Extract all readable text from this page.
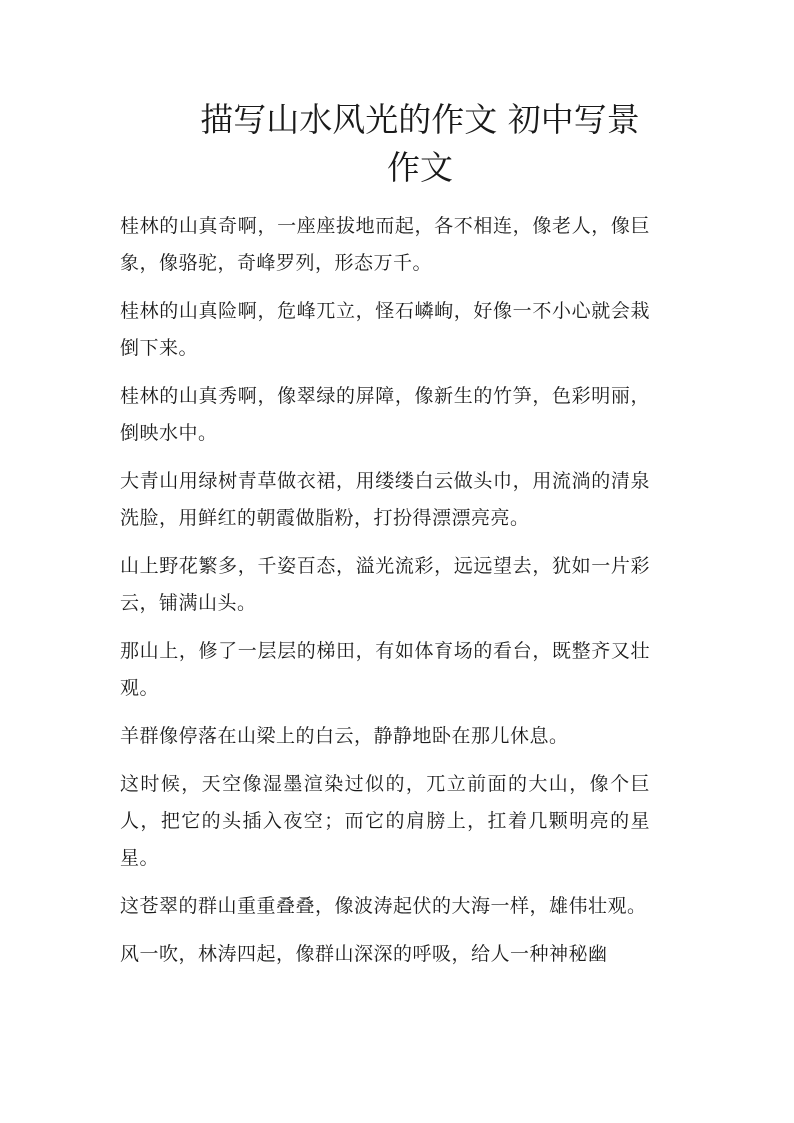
描写山水风光的作文 初中写景
作文

桂林的山真奇啊，一座座拔地而起，各不相连，像老人，像巨象，像骆驼，奇峰罗列，形态万千。

桂林的山真险啊，危峰兀立，怪石嶙峋，好像一不小心就会栽倒下来。

桂林的山真秀啊，像翠绿的屏障，像新生的竹笋，色彩明丽，倒映水中。

大青山用绿树青草做衣裙，用缕缕白云做头巾，用流淌的清泉洗脸，用鲜红的朝霞做脂粉，打扮得漂漂亮亮。

山上野花繁多，千姿百态，溢光流彩，远远望去，犹如一片彩云，铺满山头。

那山上，修了一层层的梯田，有如体育场的看台，既整齐又壮观。

羊群像停落在山梁上的白云，静静地卧在那儿休息。

这时候，天空像湿墨渲染过似的，兀立前面的大山，像个巨人，把它的头插入夜空；而它的肩膀上，扛着几颗明亮的星星。

这苍翠的群山重重叠叠，像波涛起伏的大海一样，雄伟壮观。

风一吹，林涛四起，像群山深深的呼吸，给人一种神秘幽
